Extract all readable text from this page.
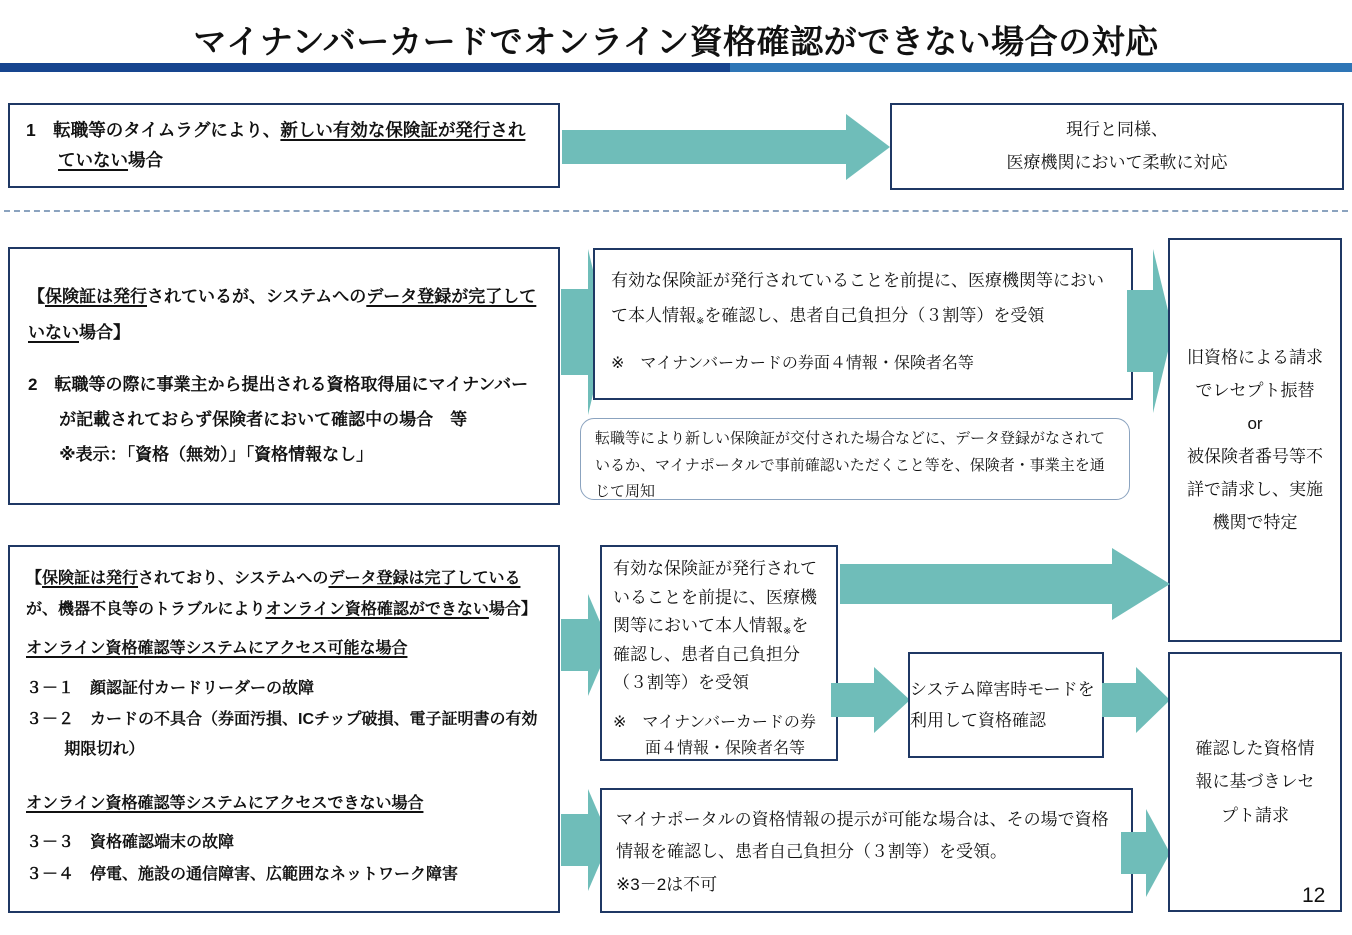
マイナンバーカードでオンライン資格確認ができない場合の対応
1　転職等のタイムラグにより、新しい有効な保険証が発行されていない場合
現行と同様、
医療機関において柔軟に対応
【保険証は発行されているが、システムへのデータ登録が完了していない場合】
2　転職等の際に事業主から提出される資格取得届にマイナンバーが記載されておらず保険者において確認中の場合　等
※表示：「資格（無効）」「資格情報なし」
有効な保険証が発行されていることを前提に、医療機関等において本人情報$_※$を確認し、患者自己負担分（３割等）を受領
※　マイナンバーカードの券面４情報・保険者名等
転職等により新しい保険証が交付された場合などに、データ登録がなされているか、マイナポータルで事前確認いただくこと等を、保険者・事業主を通じて周知
旧資格による請求でレセプト振替
or
被保険者番号等不詳で請求し、実施機関で特定
【保険証は発行されており、システムへのデータ登録は完了しているが、機器不良等のトラブルによりオンライン資格確認ができない場合】
オンライン資格確認等システムにアクセス可能な場合
３－１　顔認証付カードリーダーの故障
３－２　カードの不具合（券面汚損、ICチップ破損、電子証明書の有効期限切れ）
オンライン資格確認等システムにアクセスできない場合
３－３　資格確認端末の故障
３－４　停電、施設の通信障害、広範囲なネットワーク障害
有効な保険証が発行されていることを前提に、医療機関等において本人情報$_※$を確認し、患者自己負担分（３割等）を受領
※　マイナンバーカードの券面４情報・保険者名等
システム障害時モードを利用して資格確認
マイナポータルの資格情報の提示が可能な場合は、その場で資格情報を確認し、患者自己負担分（３割等）を受領。
※3－2は不可
確認した資格情報に基づきレセプト請求
12
